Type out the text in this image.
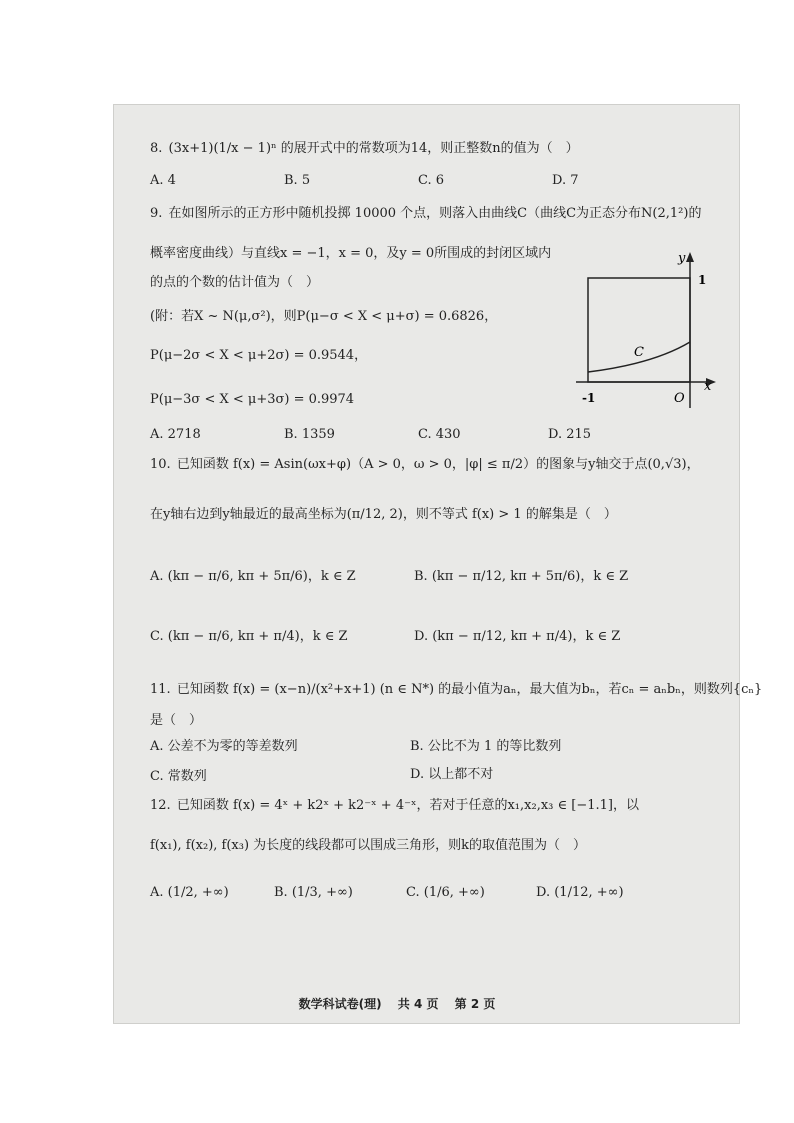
8. (3x+1)(1/x − 1)ⁿ 的展开式中的常数项为14，则正整数n的值为（　）
A. 4	B. 5	C. 6	D. 7
9. 在如图所示的正方形中随机投掷 10000 个点，则落入由曲线C（曲线C为正态分布N(2,1²)的
概率密度曲线）与直线x = −1，x = 0，及y = 0所围成的封闭区域内
的点的个数的估计值为（　）
(附：若X ~ N(μ,σ²)，则P(μ−σ < X < μ+σ) = 0.6826，
P(μ−2σ < X < μ+2σ) = 0.9544，
P(μ−3σ < X < μ+3σ) = 0.9974
A. 2718	B. 1359	C. 430	D. 215
y
x
1
-1	O
C
10. 已知函数 f(x) = Asin(ωx+φ)（A > 0，ω > 0，|φ| ≤ π/2）的图象与y轴交于点(0,√3)，
在y轴右边到y轴最近的最高坐标为(π/12, 2)，则不等式 f(x) > 1 的解集是（　）
A. (kπ − π/6, kπ + 5π/6)，k ∈ Z	B. (kπ − π/12, kπ + 5π/6)，k ∈ Z
C. (kπ − π/6, kπ + π/4)，k ∈ Z	D. (kπ − π/12, kπ + π/4)，k ∈ Z
11. 已知函数 f(x) = (x−n)/(x²+x+1) (n ∈ N*) 的最小值为aₙ，最大值为bₙ，若cₙ = aₙbₙ，则数列{cₙ}
是（　）
A. 公差不为零的等差数列	B. 公比不为 1 的等比数列
C. 常数列	D. 以上都不对
12. 已知函数 f(x) = 4ˣ + k2ˣ + k2⁻ˣ + 4⁻ˣ，若对于任意的x₁,x₂,x₃ ∈ [−1.1]，以
f(x₁), f(x₂), f(x₃) 为长度的线段都可以围成三角形，则k的取值范围为（　）
A. (1/2, +∞)	B. (1/3, +∞)	C. (1/6, +∞)	D. (1/12, +∞)
数学科试卷(理) 共 4 页 第 2 页
